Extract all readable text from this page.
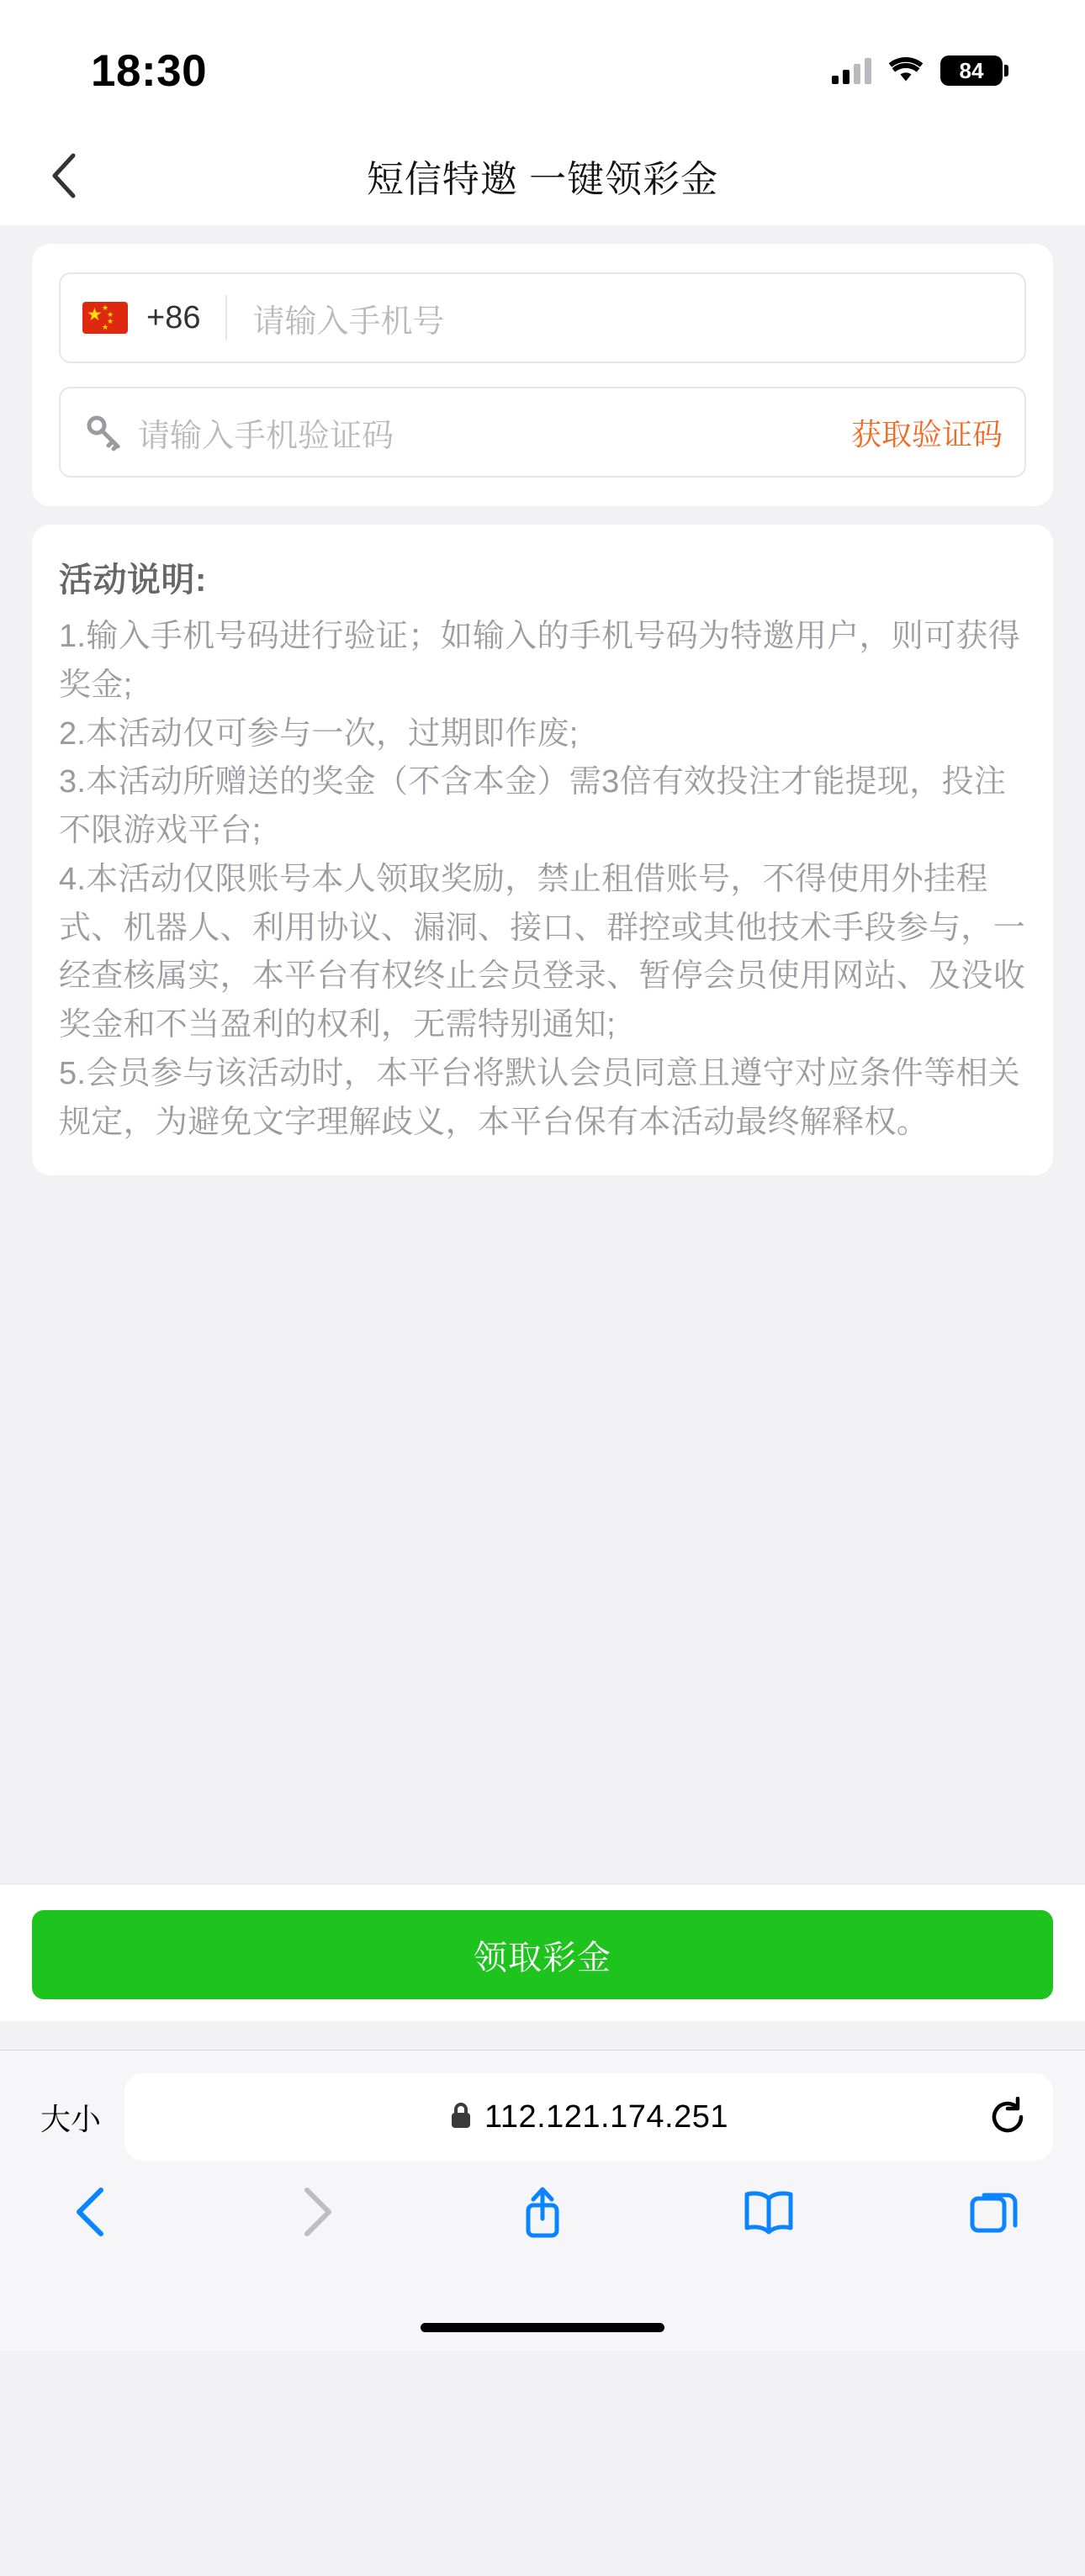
18:30	84
短信特邀 一键领彩金
★ ★
★
★
★ +86 请输入手机号
请输入手机验证码	获取验证码
活动说明:
1.输入手机号码进行验证；如输入的手机号码为特邀用户，则可获得奖金;
2.本活动仅可参与一次，过期即作废;
3.本活动所赠送的奖金（不含本金）需3倍有效投注才能提现，投注不限游戏平台;
4.本活动仅限账号本人领取奖励，禁止租借账号，不得使用外挂程式、机器人、利用协议、漏洞、接口、群控或其他技术手段参与，一经查核属实，本平台有权终止会员登录、暂停会员使用网站、及没收奖金和不当盈利的权利，无需特别通知;
5.会员参与该活动时，本平台将默认会员同意且遵守对应条件等相关规定，为避免文字理解歧义，本平台保有本活动最终解释权。
领取彩金
大小	112.121.174.251
